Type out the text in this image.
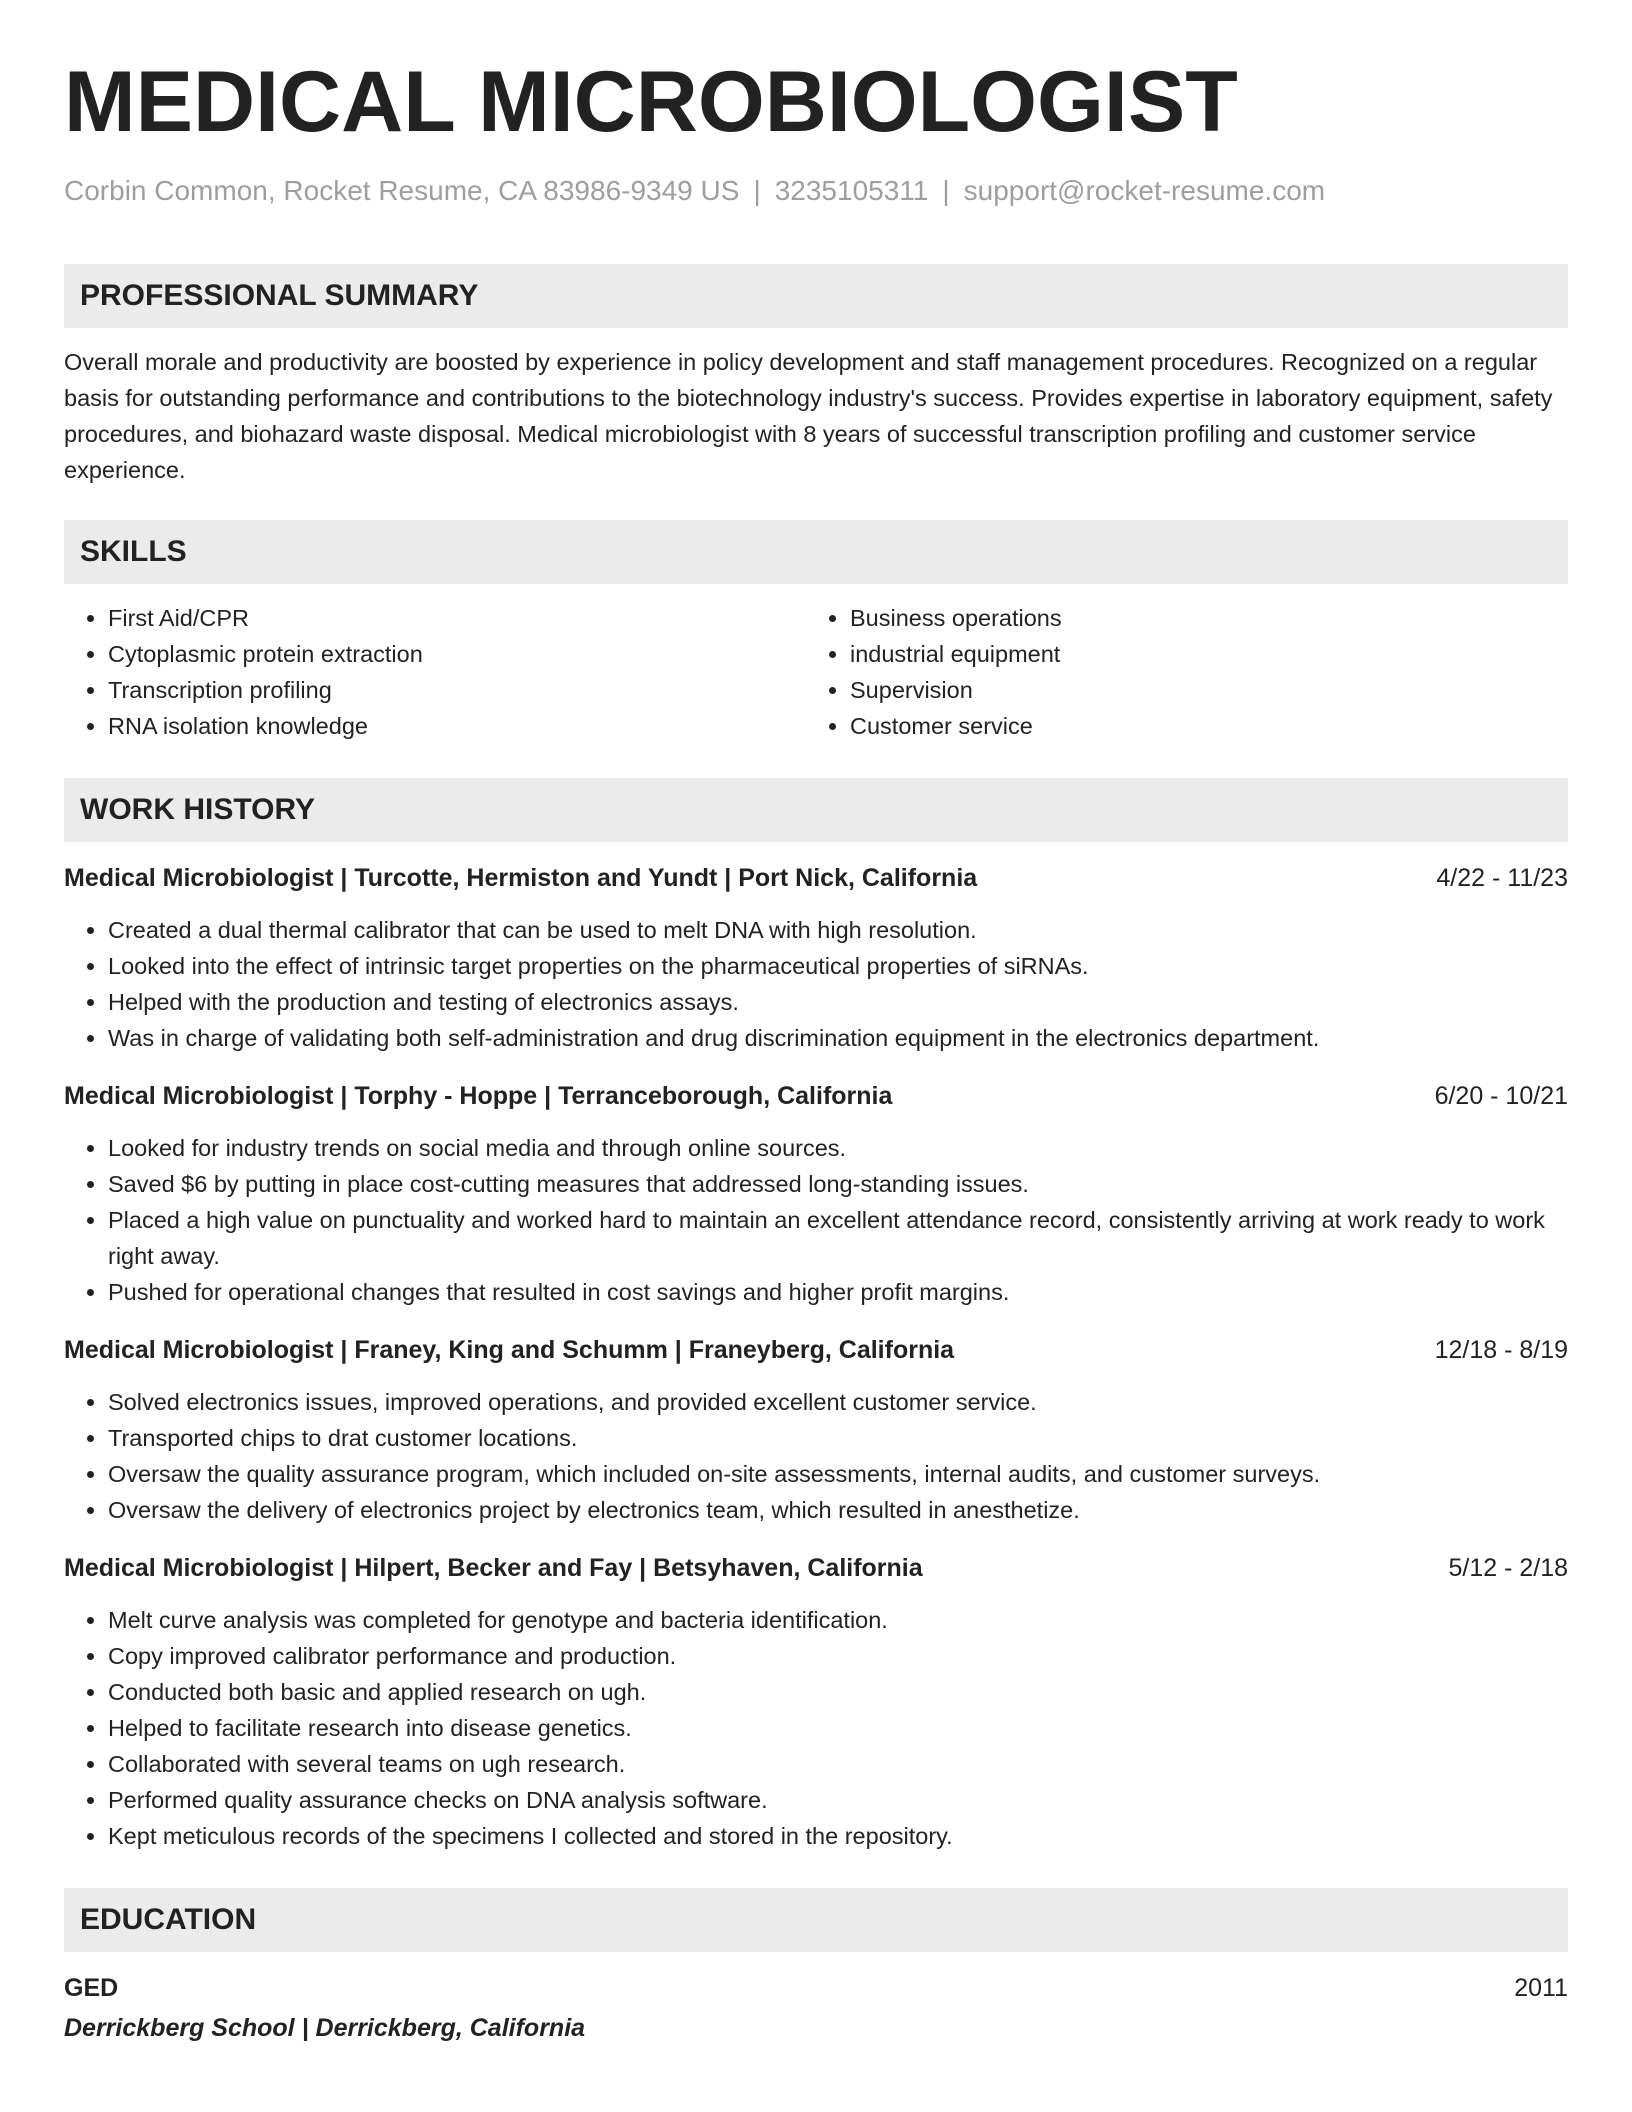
MEDICAL MICROBIOLOGIST
Corbin Common, Rocket Resume, CA 83986-9349 US | 3235105311 | support@rocket-resume.com
PROFESSIONAL SUMMARY
Overall morale and productivity are boosted by experience in policy development and staff management procedures. Recognized on a regular basis for outstanding performance and contributions to the biotechnology industry's success. Provides expertise in laboratory equipment, safety procedures, and biohazard waste disposal. Medical microbiologist with 8 years of successful transcription profiling and customer service experience.
SKILLS
• First Aid/CPR
• Cytoplasmic protein extraction
• Transcription profiling
• RNA isolation knowledge
• Business operations
• industrial equipment
• Supervision
• Customer service
WORK HISTORY
Medical Microbiologist | Turcotte, Hermiston and Yundt | Port Nick, California	4/22 - 11/23
• Created a dual thermal calibrator that can be used to melt DNA with high resolution.
• Looked into the effect of intrinsic target properties on the pharmaceutical properties of siRNAs.
• Helped with the production and testing of electronics assays.
• Was in charge of validating both self-administration and drug discrimination equipment in the electronics department.
Medical Microbiologist | Torphy - Hoppe | Terranceborough, California	6/20 - 10/21
• Looked for industry trends on social media and through online sources.
• Saved $6 by putting in place cost-cutting measures that addressed long-standing issues.
• Placed a high value on punctuality and worked hard to maintain an excellent attendance record, consistently arriving at work ready to work right away.
• Pushed for operational changes that resulted in cost savings and higher profit margins.
Medical Microbiologist | Franey, King and Schumm | Franeyberg, California	12/18 - 8/19
• Solved electronics issues, improved operations, and provided excellent customer service.
• Transported chips to drat customer locations.
• Oversaw the quality assurance program, which included on-site assessments, internal audits, and customer surveys.
• Oversaw the delivery of electronics project by electronics team, which resulted in anesthetize.
Medical Microbiologist | Hilpert, Becker and Fay | Betsyhaven, California	5/12 - 2/18
• Melt curve analysis was completed for genotype and bacteria identification.
• Copy improved calibrator performance and production.
• Conducted both basic and applied research on ugh.
• Helped to facilitate research into disease genetics.
• Collaborated with several teams on ugh research.
• Performed quality assurance checks on DNA analysis software.
• Kept meticulous records of the specimens I collected and stored in the repository.
EDUCATION
GED	2011
Derrickberg School | Derrickberg, California
